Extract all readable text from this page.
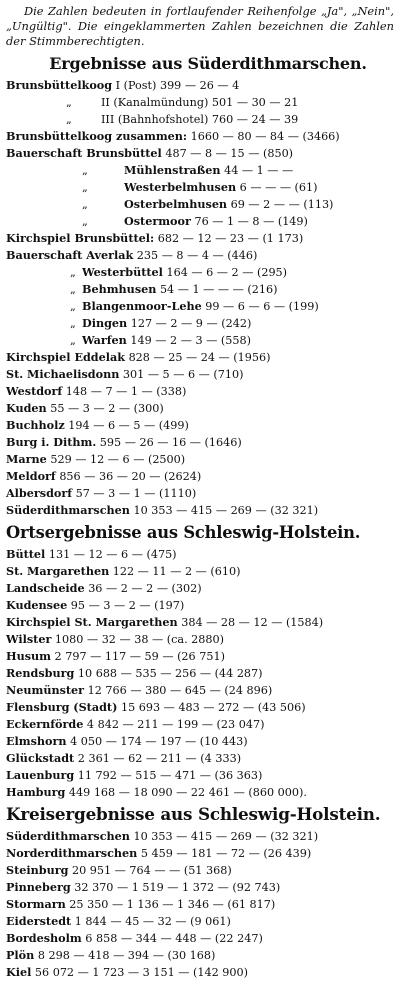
Die Zahlen bedeuten in fortlaufender Reihenfolge „Ja", „Nein", „Ungültig". Die eingeklammerten Zahlen bezeichnen die Zahlen der Stimmberechtigten.

Ergebnisse aus Süderdithmarschen.
Brunsbüttelkoog I (Post) 399 — 26 — 4
„	II (Kanalmündung) 501 — 30 — 21
„	III (Bahnhofshotel) 760 — 24 — 39
Brunsbüttelkoog zusammen: 1660 — 80 — 84 — (3466)
Bauerschaft Brunsbüttel 487 — 8 — 15 — (850)
„	Mühlenstraßen 44 — 1 — —
„	Westerbelmhusen 6 — — — (61)
„	Osterbelmhusen 69 — 2 — — (113)
„	Ostermoor 76 — 1 — 8 — (149)
Kirchspiel Brunsbüttel: 682 — 12 — 23 — (1 173)
Bauerschaft Averlak 235 — 8 — 4 — (446)
„ Westerbüttel 164 — 6 — 2 — (295)
„ Behmhusen 54 — 1 — — — (216)
„ Blangenmoor-Lehe 99 — 6 — 6 — (199)
„ Dingen 127 — 2 — 9 — (242)
„ Warfen 149 — 2 — 3 — (558)
Kirchspiel Eddelak 828 — 25 — 24 — (1956)
St. Michaelisdonn 301 — 5 — 6 — (710)
Westdorf 148 — 7 — 1 — (338)
Kuden 55 — 3 — 2 — (300)
Buchholz 194 — 6 — 5 — (499)
Burg i. Dithm. 595 — 26 — 16 — (1646)
Marne 529 — 12 — 6 — (2500)
Meldorf 856 — 36 — 20 — (2624)
Albersdorf 57 — 3 — 1 — (1110)
Süderdithmarschen 10 353 — 415 — 269 — (32 321)
Ortsergebnisse aus Schleswig-Holstein.
Büttel 131 — 12 — 6 — (475)
St. Margarethen 122 — 11 — 2 — (610)
Landscheide 36 — 2 — 2 — (302)
Kudensee 95 — 3 — 2 — (197)
Kirchspiel St. Margarethen 384 — 28 — 12 — (1584)
Wilster 1080 — 32 — 38 — (ca. 2880)
Husum 2 797 — 117 — 59 — (26 751)
Rendsburg 10 688 — 535 — 256 — (44 287)
Neumünster 12 766 — 380 — 645 — (24 896)
Flensburg (Stadt) 15 693 — 483 — 272 — (43 506)
Eckernförde 4 842 — 211 — 199 — (23 047)
Elmshorn 4 050 — 174 — 197 — (10 443)
Glückstadt 2 361 — 62 — 211 — (4 333)
Lauenburg 11 792 — 515 — 471 — (36 363)
Hamburg 449 168 — 18 090 — 22 461 — (860 000).
Kreisergebnisse aus Schleswig-Holstein.
Süderdithmarschen 10 353 — 415 — 269 — (32 321)
Norderdithmarschen 5 459 — 181 — 72 — (26 439)
Steinburg 20 951 — 764 — — (51 368)
Pinneberg 32 370 — 1 519 — 1 372 — (92 743)
Stormarn 25 350 — 1 136 — 1 346 — (61 817)
Eiderstedt 1 844 — 45 — 32 — (9 061)
Bordesholm 6 858 — 344 — 448 — (22 247)
Plön 8 298 — 418 — 394 — (30 168)
Kiel 56 072 — 1 723 — 3 151 — (142 900)
